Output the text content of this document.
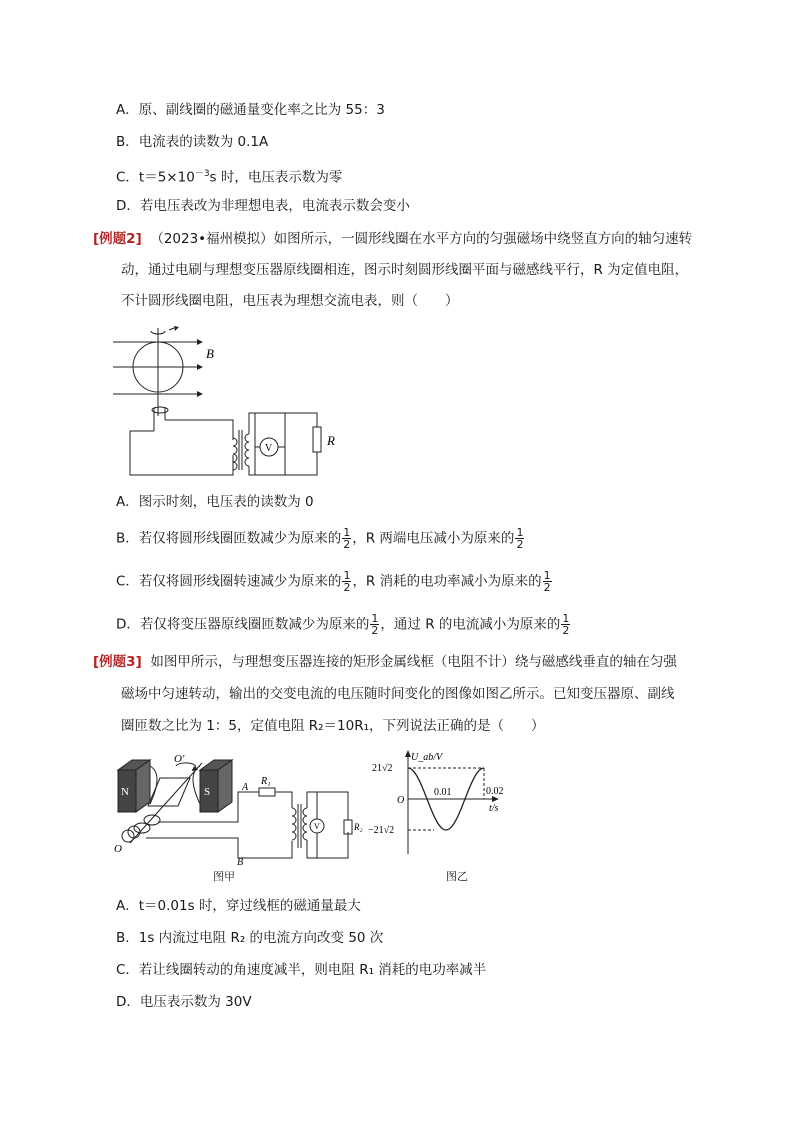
A．原、副线圈的磁通量变化率之比为 55：3
B．电流表的读数为 0.1A
C．$t=5\times 10^{-3}s$ 时，电压表示数为零
D．若电压表改为非理想电表，电流表示数会变小
[例题2] （2023•福州模拟）如图所示，一圆形线圈在水平方向的匀强磁场中绕竖直方向的轴匀速转
动，通过电刷与理想变压器原线圈相连，图示时刻圆形线圈平面与磁感线平行，R 为定值电阻，
不计圆形线圈电阻，电压表为理想交流电表，则（　　）
B
V
R
A．图示时刻，电压表的读数为 0
B．若仅将圆形线圈匝数减少为原来的 $\frac{1}{2}$ ，R 两端电压减小为原来的 $\frac{1}{2}$
C．若仅将圆形线圈转速减少为原来的 $\frac{1}{2}$ ，R 消耗的电功率减小为原来的 $\frac{1}{2}$
D．若仅将变压器原线圈匝数减少为原来的 $\frac{1}{2}$ ，通过 R 的电流减小为原来的 $\frac{1}{2}$
[例题3] 如图甲所示，与理想变压器连接的矩形金属线框（电阻不计）绕与磁感线垂直的轴在匀强
磁场中匀速转动，输出的交变电流的电压随时间变化的图像如图乙所示。已知变压器原、副线
圈匝数之比为 1：5，定值电阻 R₂＝10R₁，下列说法正确的是（　　）
N	S
O′
O
A
B
R₁
R₂
V
图甲
U_ab/V
21√2
−21√2
O
0.01	0.02
t/s
图乙
A．t＝0.01s 时，穿过线框的磁通量最大
B．1s 内流过电阻 R₂ 的电流方向改变 50 次
C．若让线圈转动的角速度减半，则电阻 R₁ 消耗的电功率减半
D．电压表示数为 30V
